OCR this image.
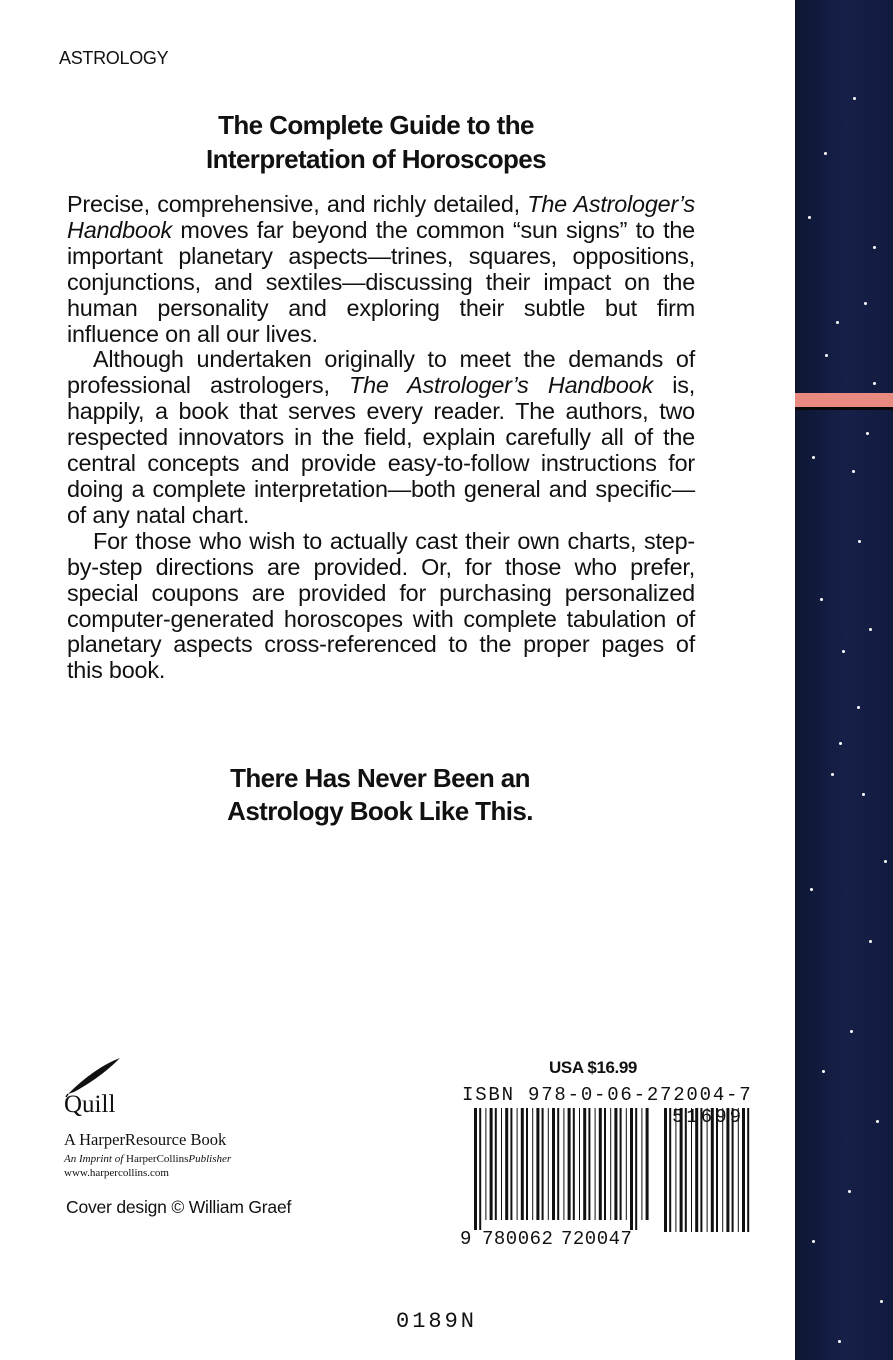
ASTROLOGY
The Complete Guide to the
Interpretation of Horoscopes

Precise, comprehensive, and richly detailed, The Astrologer’s Handbook moves far beyond the common “sun signs” to the important planetary aspects—trines, squares, oppositions, conjunctions, and sextiles—discussing their impact on the human personality and exploring their subtle but firm influence on all our lives.

Although undertaken originally to meet the demands of professional astrologers, The Astrologer’s Handbook is, happily, a book that serves every reader. The authors, two respected innovators in the field, explain carefully all of the central concepts and provide easy-to-follow instructions for doing a complete interpretation—both general and specific—of any natal chart.

For those who wish to actually cast their own charts, step-by-step directions are provided. Or, for those who prefer, special coupons are provided for purchasing personalized computer-generated horoscopes with complete tabulation of planetary aspects cross-referenced to the proper pages of this book.

There Has Never Been an
Astrology Book Like This.
Quill
A HarperResource Book
An Imprint of HarperCollinsPublisher
www.harpercollins.com
Cover design © William Graef
USA $16.99
ISBN 978-0-06-272004-7
9 780062 720047
51699
0189N
